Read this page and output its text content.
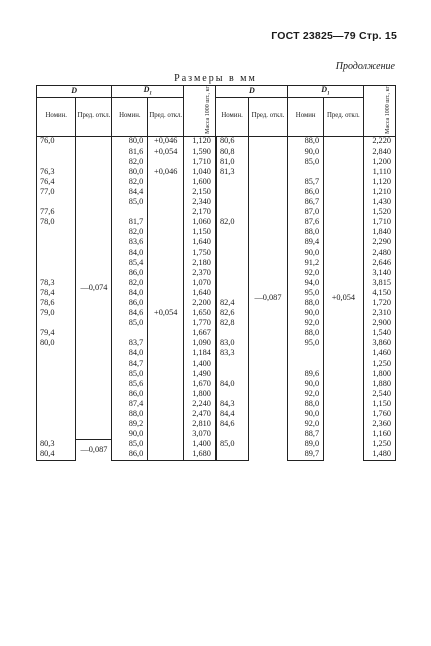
ГОСТ 23825—79 Стр. 15
Продолжение
Размеры в мм
D		$D_1$		Масса 1000 шт., кг	D		$D_1$		Масса 1000 шт., кг
Номин.	Пред. откл.	Номин.	Пред. откл.		Номин.	Пред. откл.	Номин	Пред. откл.	
76,0	—0,074	80,0	+0,046	1,120	80,6	—0,087	88,0	+0,054	2,220
		81,6	+0,054	1,590	80,8		90,0		2,840
		82,0		1,710	81,0		85,0		1,200
76,3		80,0	+0,046	1,040	81,3				1,110
76,4		82,0		1,600			85,7		1,120
77,0		84,4		2,150			86,0		1,210
		85,0		2,340			86,7		1,430
77,6				2,170			87,0		1,520
78,0		81,7		1,060	82,0		87,6		1,710
		82,0		1,150			88,0		1,840
		83,6		1,640			89,4		2,290
		84,0		1,750			90,0		2,480
		85,4		2,180			91,2		2,646
		86,0		2,370			92,0		3,140
78,3		82,0		1,070			94,0		3,815
78,4		84,0		1,640			95,0		4,150
78,6		86,0		2,200	82,4		88,0		1,720
79,0		84,6	+0,054	1,650	82,6		90,0		2,310
		85,0		1,770	82,8		92,0		2,900
79,4				1,667			88,0		1,540
80,0		83,7		1,090	83,0		95,0		3,860
		84,0		1,184	83,3				1,460
		84,7		1,400					1,250
		85,0		1,490			89,6		1,800
		85,6		1,670	84,0		90,0		1,880
		86,0		1,800			92,0		2,540
		87,4		2,240	84,3		88,0		1,150
		88,0		2,470	84,4		90,0		1,760
		89,2		2,810	84,6		92,0		2,360
		90,0		3,070			88,7		1,160
80,3	—0,087	85,0		1,400	85,0		89,0		1,250
80,4		86,0		1,680			89,7		1,480
